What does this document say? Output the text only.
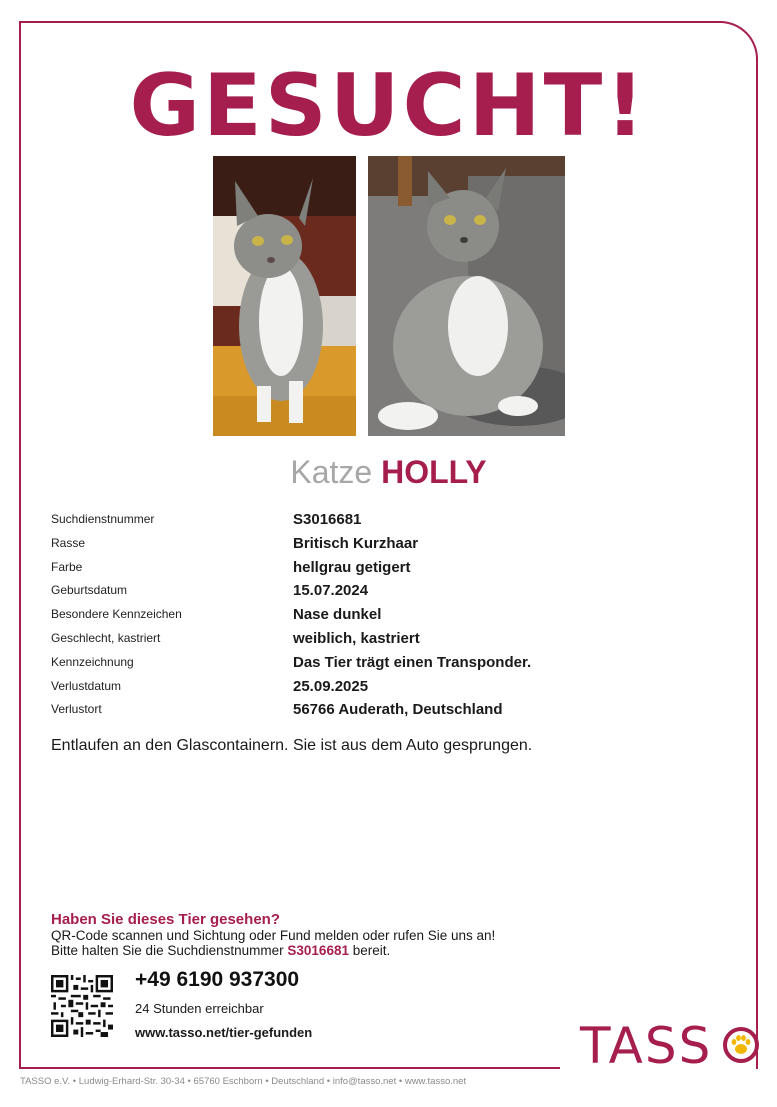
GESUCHT!
Katze HOLLY
Suchdienstnummer	S3016681
Rasse	Britisch Kurzhaar
Farbe	hellgrau getigert
Geburtsdatum	15.07.2024
Besondere Kennzeichen	Nase dunkel
Geschlecht, kastriert	weiblich, kastriert
Kennzeichnung	Das Tier trägt einen Transponder.
Verlustdatum	25.09.2025
Verlustort	56766 Auderath, Deutschland
Entlaufen an den Glascontainern. Sie ist aus dem Auto gesprungen.
Haben Sie dieses Tier gesehen?
QR-Code scannen und Sichtung oder Fund melden oder rufen Sie uns an!
Bitte halten Sie die Suchdienstnummer S3016681 bereit.
+49 6190 937300
24 Stunden erreichbar
www.tasso.net/tier-gefunden	TASS
TASSO e.V. • Ludwig-Erhard-Str. 30-34 • 65760 Eschborn • Deutschland • info@tasso.net • www.tasso.net
